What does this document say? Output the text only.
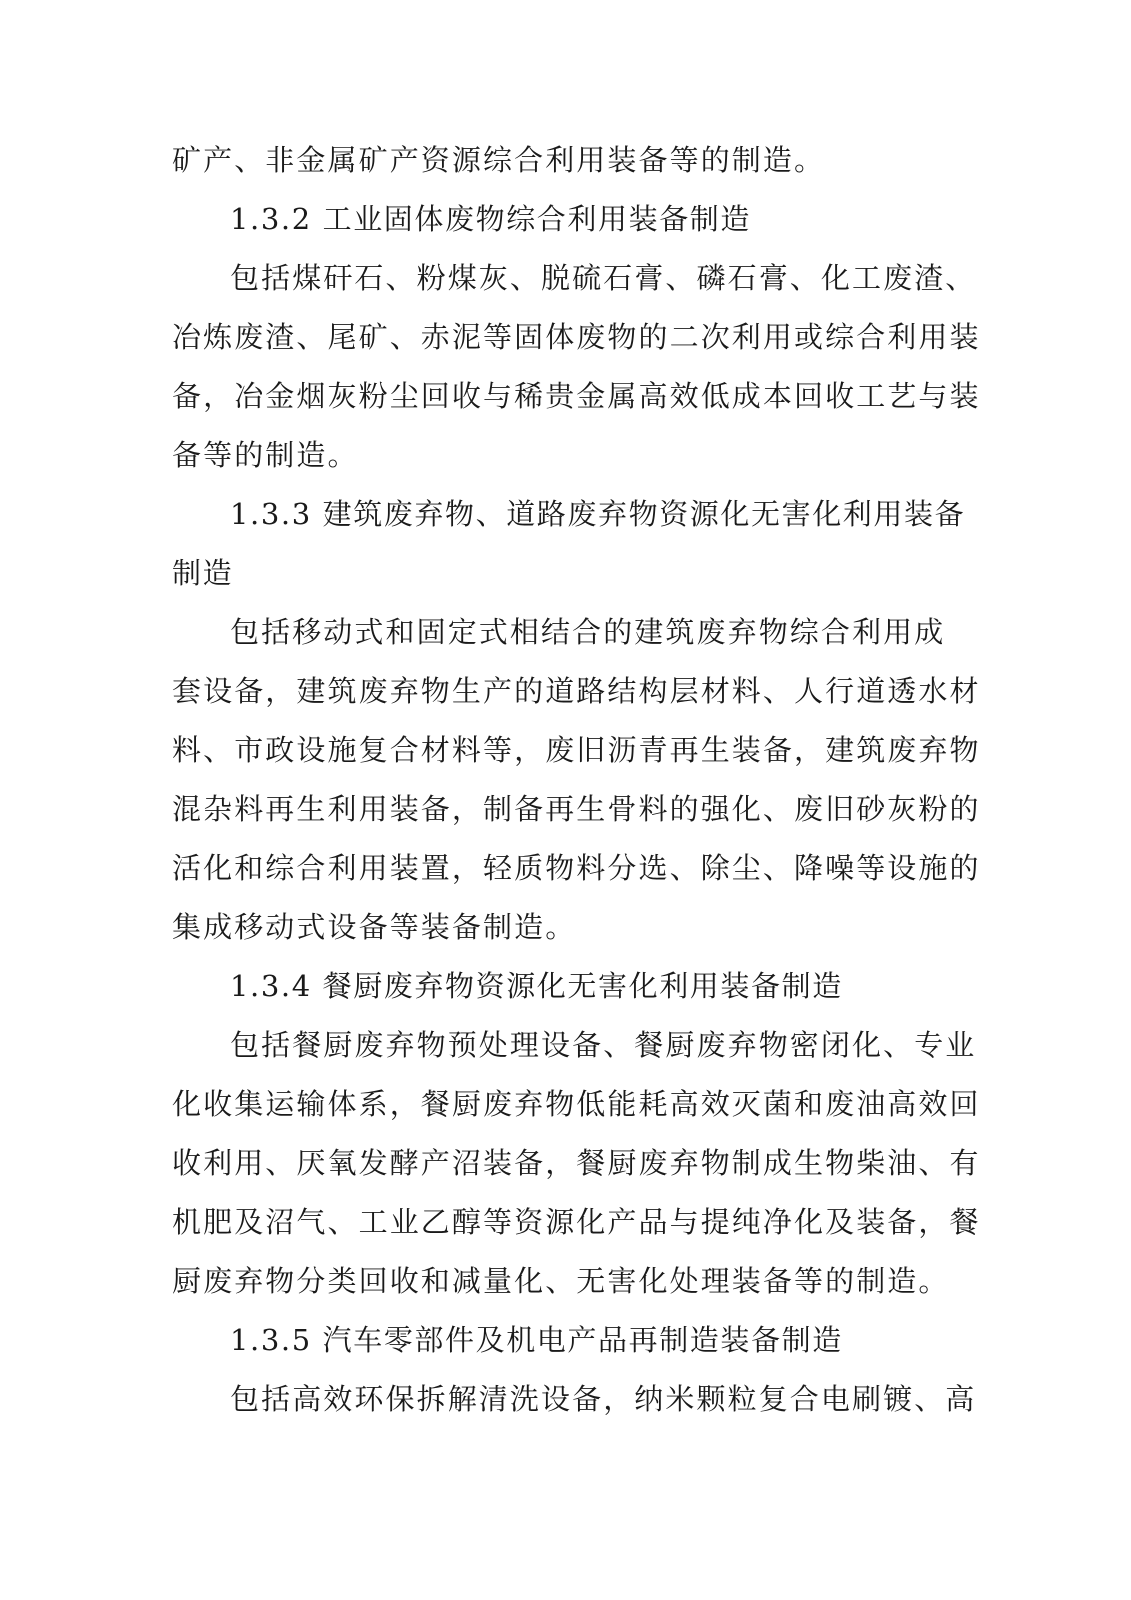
矿产、非金属矿产资源综合利用装备等的制造。
1.3.2 工业固体废物综合利用装备制造
包括煤矸石、粉煤灰、脱硫石膏、磷石膏、化工废渣、
冶炼废渣、尾矿、赤泥等固体废物的二次利用或综合利用装
备，冶金烟灰粉尘回收与稀贵金属高效低成本回收工艺与装
备等的制造。
1.3.3 建筑废弃物、道路废弃物资源化无害化利用装备
制造
包括移动式和固定式相结合的建筑废弃物综合利用成
套设备，建筑废弃物生产的道路结构层材料、人行道透水材
料、市政设施复合材料等，废旧沥青再生装备，建筑废弃物
混杂料再生利用装备，制备再生骨料的强化、废旧砂灰粉的
活化和综合利用装置，轻质物料分选、除尘、降噪等设施的
集成移动式设备等装备制造。
1.3.4 餐厨废弃物资源化无害化利用装备制造
包括餐厨废弃物预处理设备、餐厨废弃物密闭化、专业
化收集运输体系，餐厨废弃物低能耗高效灭菌和废油高效回
收利用、厌氧发酵产沼装备，餐厨废弃物制成生物柴油、有
机肥及沼气、工业乙醇等资源化产品与提纯净化及装备，餐
厨废弃物分类回收和减量化、无害化处理装备等的制造。
1.3.5 汽车零部件及机电产品再制造装备制造
包括高效环保拆解清洗设备，纳米颗粒复合电刷镀、高
